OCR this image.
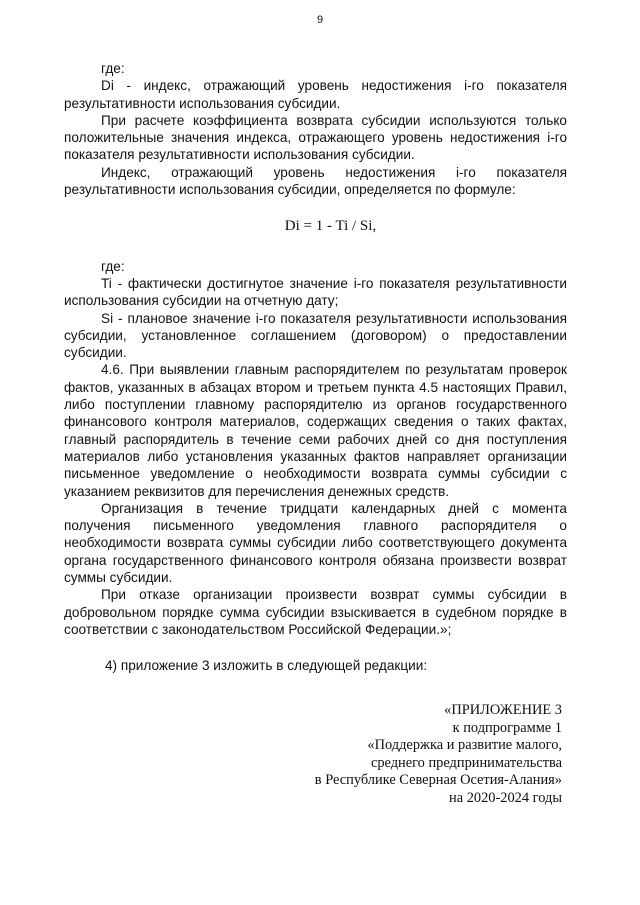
9

где:

Di - индекс, отражающий уровень недостижения i-го показателя результативности использования субсидии.

При расчете коэффициента возврата субсидии используются только положительные значения индекса, отражающего уровень недостижения i-го показателя результативности использования субсидии.

Индекс, отражающий уровень недостижения i-го показателя результативности использования субсидии, определяется по формуле:

Di = 1 - Ti / Si,

где:

Ti - фактически достигнутое значение i-го показателя результативности использования субсидии на отчетную дату;

Si - плановое значение i-го показателя результативности использования субсидии, установленное соглашением (договором) о предоставлении субсидии.

4.6. При выявлении главным распорядителем по результатам проверок фактов, указанных в абзацах втором и третьем пункта 4.5 настоящих Правил, либо поступлении главному распорядителю из органов государственного финансового контроля материалов, содержащих сведения о таких фактах, главный распорядитель в течение семи рабочих дней со дня поступления материалов либо установления указанных фактов направляет организации письменное уведомление о необходимости возврата суммы субсидии с указанием реквизитов для перечисления денежных средств.

Организация в течение тридцати календарных дней с момента получения письменного уведомления главного распорядителя о необходимости возврата суммы субсидии либо соответствующего документа органа государственного финансового контроля обязана произвести возврат суммы субсидии.

При отказе организации произвести возврат суммы субсидии в добровольном порядке сумма субсидии взыскивается в судебном порядке в соответствии с законодательством Российской Федерации.»;

4) приложение 3 изложить в следующей редакции:

«ПРИЛОЖЕНИЕ 3

к подпрограмме 1

«Поддержка и развитие малого,

среднего предпринимательства

в Республике Северная Осетия-Алания»

на 2020-2024 годы
